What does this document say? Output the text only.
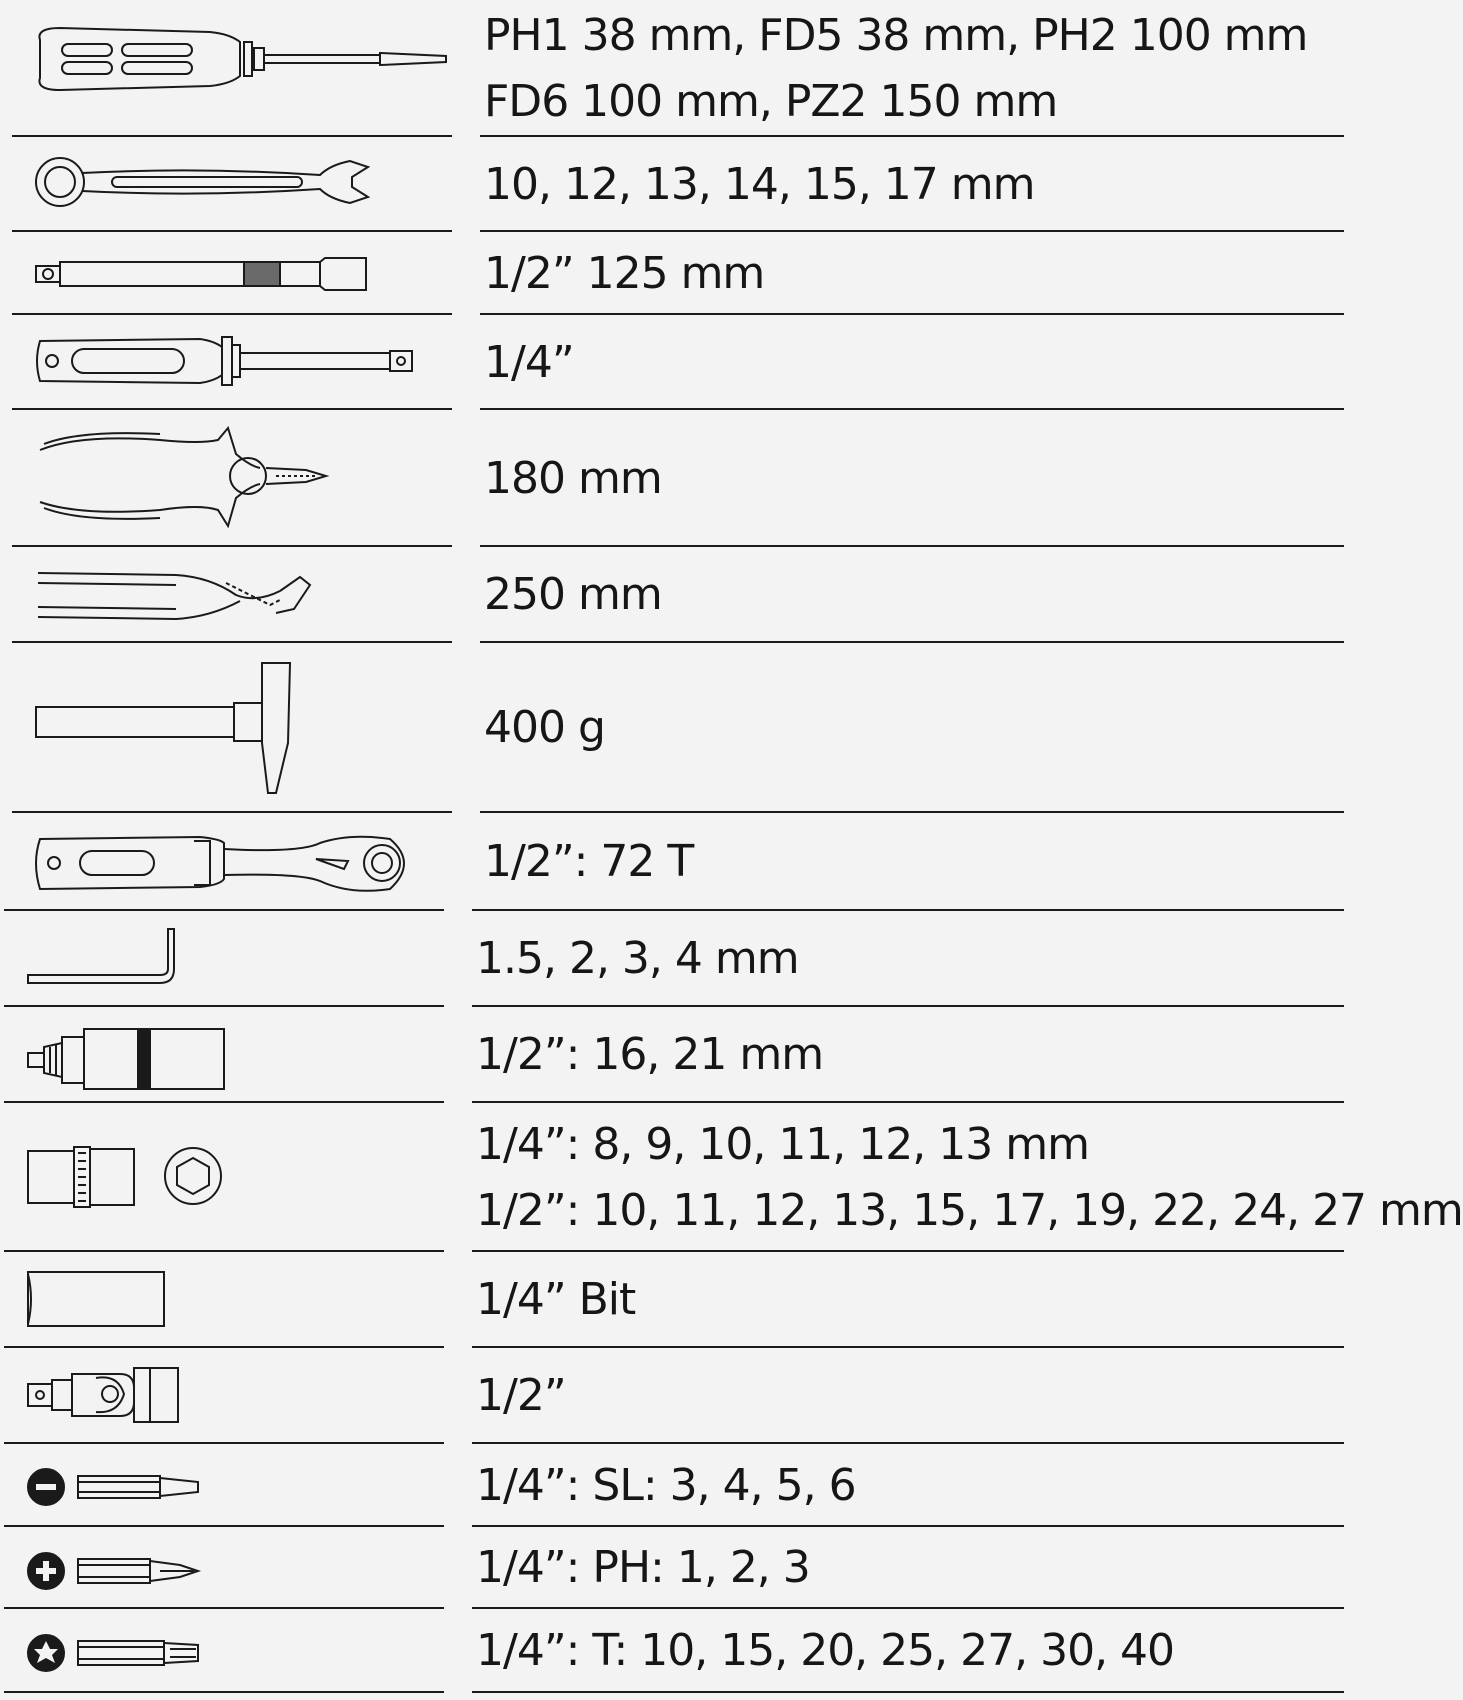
PH1 38 mm, FD5 38 mm, PH2 100 mm
FD6 100 mm, PZ2 150 mm
10, 12, 13, 14, 15, 17 mm
1/2” 125 mm
1/4”
180 mm
250 mm
400 g
1/2”: 72 T
1.5, 2, 3, 4 mm
1/2”: 16, 21 mm
1/4”: 8, 9, 10, 11, 12, 13 mm
1/2”: 10, 11, 12, 13, 15, 17, 19, 22, 24, 27 mm
1/4” Bit
1/2”
1/4”: SL: 3, 4, 5, 6
1/4”: PH: 1, 2, 3
1/4”: T: 10, 15, 20, 25, 27, 30, 40
